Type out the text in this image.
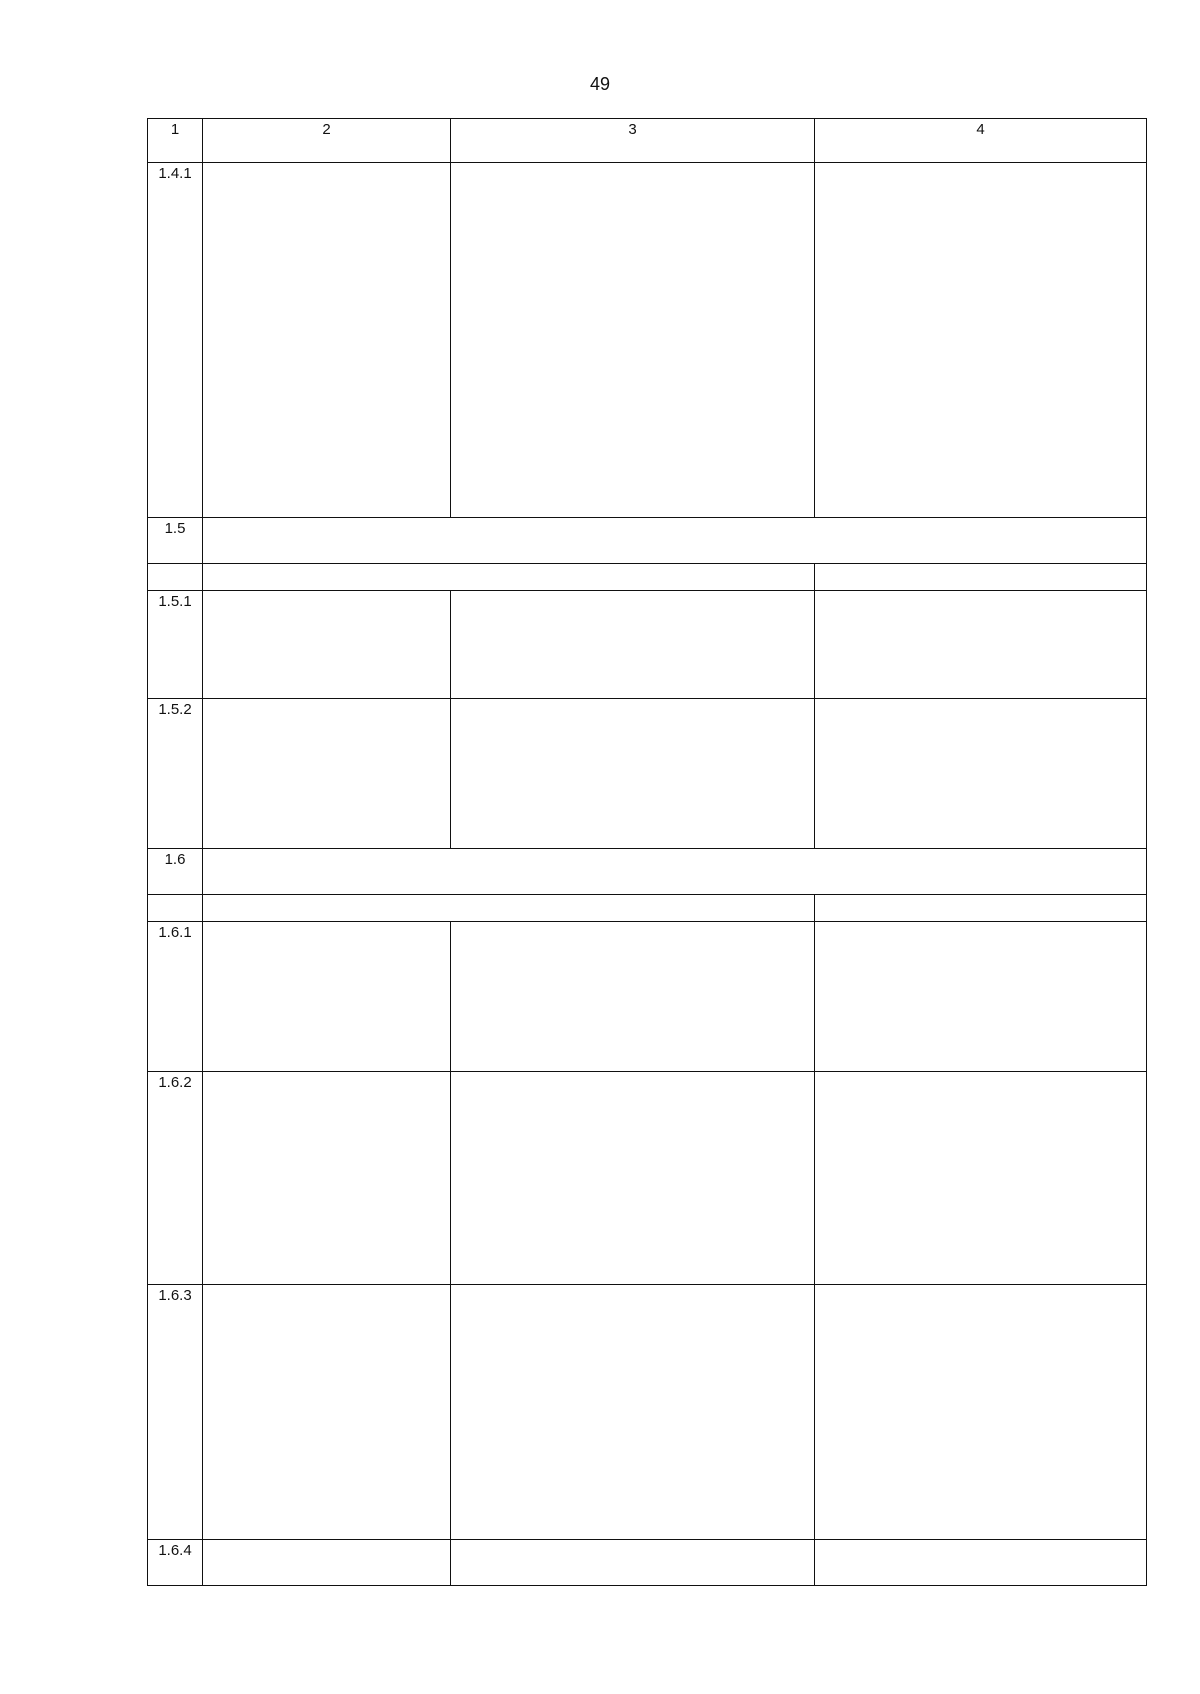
49
1	2	3	4
1.4.1			
1.5			

1.5.1			
1.5.2			
1.6			

1.6.1			
1.6.2			
1.6.3			
1.6.4			
